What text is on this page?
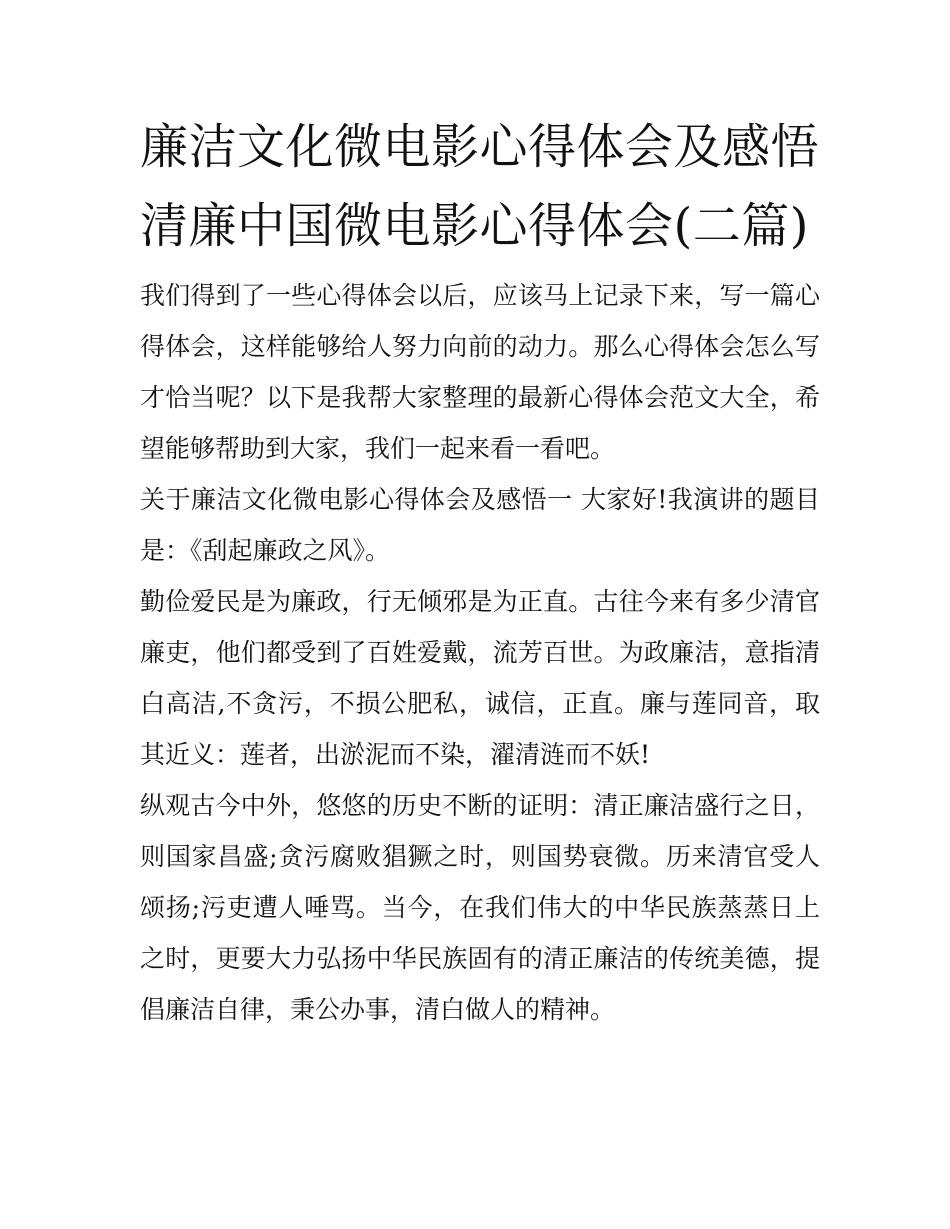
廉洁文化微电影心得体会及感悟 清廉中国微电影心得体会(二篇)

我们得到了一些心得体会以后，应该马上记录下来，写一篇心得体会，这样能够给人努力向前的动力。那么心得体会怎么写才恰当呢？以下是我帮大家整理的最新心得体会范文大全，希望能够帮助到大家，我们一起来看一看吧。

关于廉洁文化微电影心得体会及感悟一 大家好!我演讲的题目是：《刮起廉政之风》。

勤俭爱民是为廉政，行无倾邪是为正直。古往今来有多少清官廉吏，他们都受到了百姓爱戴，流芳百世。为政廉洁，意指清白高洁,不贪污，不损公肥私，诚信，正直。廉与莲同音，取其近义：莲者，出淤泥而不染，濯清涟而不妖!

纵观古今中外，悠悠的历史不断的证明：清正廉洁盛行之日，则国家昌盛;贪污腐败猖獗之时，则国势衰微。历来清官受人颂扬;污吏遭人唾骂。当今，在我们伟大的中华民族蒸蒸日上之时，更要大力弘扬中华民族固有的清正廉洁的传统美德，提倡廉洁自律，秉公办事，清白做人的精神。
